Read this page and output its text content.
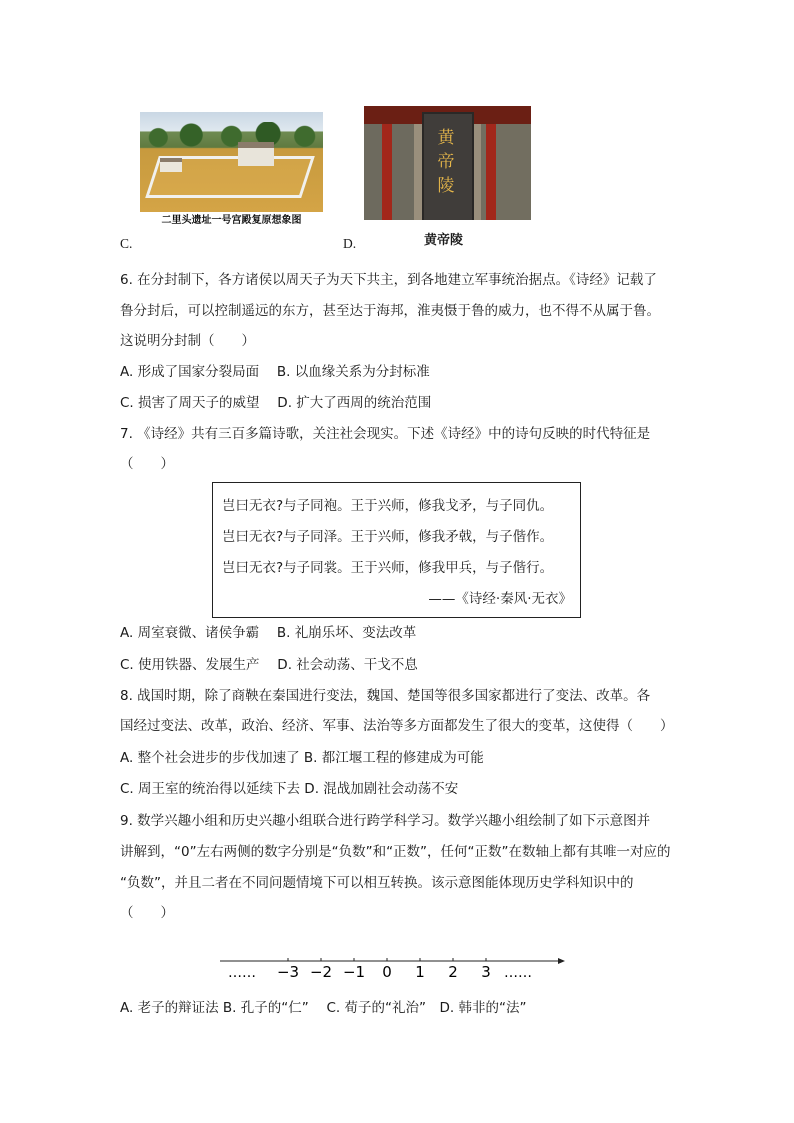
二里头遗址一号宫殿复原想象图
C.
黄
帝
陵
黄帝陵
D.
6. 在分封制下，各方诸侯以周天子为天下共主，到各地建立军事统治据点。《诗经》记载了
鲁分封后，可以控制遥远的东方，甚至达于海邦，淮夷慑于鲁的威力，也不得不从属于鲁。
这说明分封制（　　）
A. 形成了国家分裂局面　 B. 以血缘关系为分封标准
C. 损害了周天子的威望　 D. 扩大了西周的统治范围
7. 《诗经》共有三百多篇诗歌，关注社会现实。下述《诗经》中的诗句反映的时代特征是
（　　）
岂曰无衣?与子同袍。王于兴师，修我戈矛，与子同仇。
岂曰无衣?与子同泽。王于兴师，修我矛戟，与子偕作。
岂曰无衣?与子同裳。王于兴师，修我甲兵，与子偕行。
——《诗经·秦风·无衣》
A. 周室衰微、诸侯争霸　 B. 礼崩乐坏、变法改革
C. 使用铁器、发展生产　 D. 社会动荡、干戈不息
8. 战国时期，除了商鞅在秦国进行变法，魏国、楚国等很多国家都进行了变法、改革。各
国经过变法、改革，政治、经济、军事、法治等多方面都发生了很大的变革，这使得（　　）
A. 整个社会进步的步伐加速了 B. 都江堰工程的修建成为可能
C. 周王室的统治得以延续下去 D. 混战加剧社会动荡不安
9. 数学兴趣小组和历史兴趣小组联合进行跨学科学习。数学兴趣小组绘制了如下示意图并
讲解到，“0”左右两侧的数字分别是“负数”和“正数”，任何“正数”在数轴上都有其唯一对应的
“负数”，并且二者在不同问题情境下可以相互转换。该示意图能体现历史学科知识中的
（　　）
……	……
−3 −2 −1 0 1 2 3
A. 老子的辩证法 B. 孔子的“仁”　 C. 荀子的“礼治”　D. 韩非的“法”
